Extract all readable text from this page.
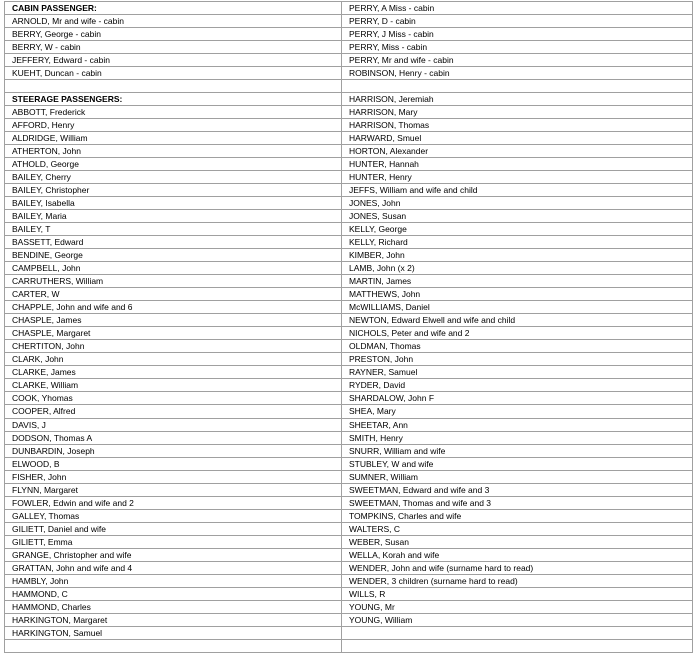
CABIN PASSENGER:	PERRY, A Miss - cabin
ARNOLD, Mr and wife - cabin	PERRY, D - cabin
BERRY, George - cabin	PERRY, J Miss - cabin
BERRY, W - cabin	PERRY, Miss - cabin
JEFFERY, Edward - cabin	PERRY, Mr and wife - cabin
KUEHT, Duncan - cabin	ROBINSON, Henry - cabin

STEERAGE PASSENGERS:	HARRISON, Jeremiah
ABBOTT, Frederick	HARRISON, Mary
AFFORD, Henry	HARRISON, Thomas
ALDRIDGE, William	HARWARD, Smuel
ATHERTON, John	HORTON, Alexander
ATHOLD, George	HUNTER, Hannah
BAILEY, Cherry	HUNTER, Henry
BAILEY, Christopher	JEFFS, William and wife and child
BAILEY, Isabella	JONES, John
BAILEY, Maria	JONES, Susan
BAILEY, T	KELLY, George
BASSETT, Edward	KELLY, Richard
BENDINE, George	KIMBER, John
CAMPBELL, John	LAMB, John (x 2)
CARRUTHERS, William	MARTIN, James
CARTER, W	MATTHEWS, John
CHAPPLE, John and wife and 6	McWILLIAMS, Daniel
CHASPLE, James	NEWTON, Edward Elwell and wife and child
CHASPLE, Margaret	NICHOLS, Peter and wife and 2
CHERTITON, John	OLDMAN, Thomas
CLARK, John	PRESTON, John
CLARKE, James	RAYNER, Samuel
CLARKE, William	RYDER, David
COOK, Yhomas	SHARDALOW, John F
COOPER, Alfred	SHEA, Mary
DAVIS, J	SHEETAR, Ann
DODSON, Thomas A	SMITH, Henry
DUNBARDIN, Joseph	SNURR, William and wife
ELWOOD, B	STUBLEY, W and wife
FISHER, John	SUMNER, William
FLYNN, Margaret	SWEETMAN, Edward and wife and 3
FOWLER, Edwin and wife and 2	SWEETMAN, Thomas and wife and 3
GALLEY, Thomas	TOMPKINS, Charles and wife
GILIETT, Daniel and wife	WALTERS, C
GILIETT, Emma	WEBER, Susan
GRANGE, Christopher and wife	WELLA, Korah and wife
GRATTAN, John and wife and 4	WENDER, John and wife (surname hard to read)
HAMBLY, John	WENDER, 3 children (surname hard to read)
HAMMOND, C	WILLS, R
HAMMOND, Charles	YOUNG, Mr
HARKINGTON, Margaret	YOUNG, William
HARKINGTON, Samuel	
